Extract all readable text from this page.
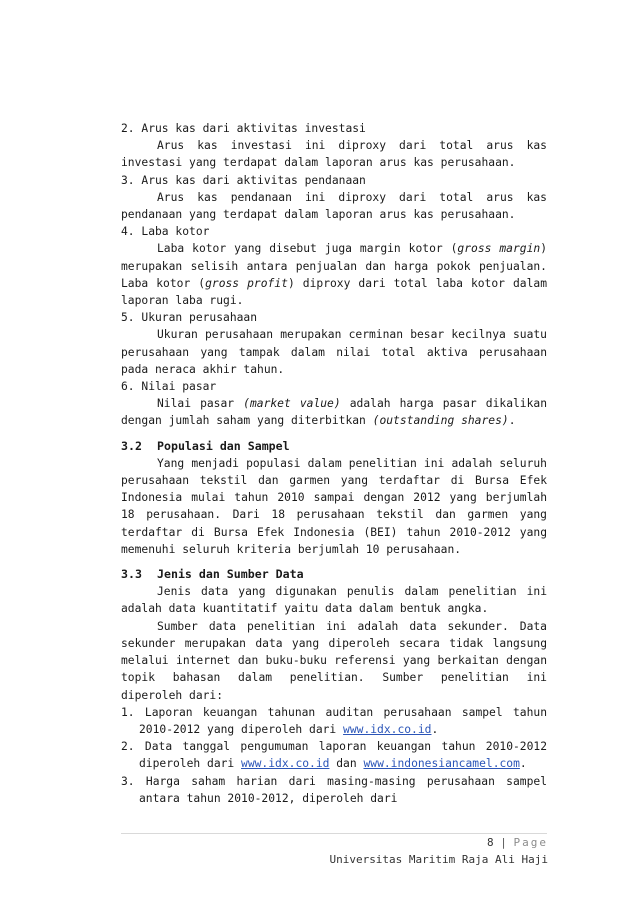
2. Arus kas dari aktivitas investasi

Arus kas investasi ini diproxy dari total arus kas investasi yang terdapat dalam laporan arus kas perusahaan.

3. Arus kas dari aktivitas pendanaan

Arus kas pendanaan ini diproxy dari total arus kas pendanaan yang terdapat dalam laporan arus kas perusahaan.

4. Laba kotor

Laba kotor yang disebut juga margin kotor (gross margin) merupakan selisih antara penjualan dan harga pokok penjualan. Laba kotor (gross profit) diproxy dari total laba kotor dalam laporan laba rugi.

5. Ukuran perusahaan

Ukuran perusahaan merupakan cerminan besar kecilnya suatu perusahaan yang tampak dalam nilai total aktiva perusahaan pada neraca akhir tahun.

6. Nilai pasar

Nilai pasar (market value) adalah harga pasar dikalikan dengan jumlah saham yang diterbitkan (outstanding shares).

3.2 Populasi dan Sampel

Yang menjadi populasi dalam penelitian ini adalah seluruh perusahaan tekstil dan garmen yang terdaftar di Bursa Efek Indonesia mulai tahun 2010 sampai dengan 2012 yang berjumlah 18 perusahaan. Dari 18 perusahaan tekstil dan garmen yang terdaftar di Bursa Efek Indonesia (BEI) tahun 2010-2012 yang memenuhi seluruh kriteria berjumlah 10 perusahaan.

3.3 Jenis dan Sumber Data

Jenis data yang digunakan penulis dalam penelitian ini adalah data kuantitatif yaitu data dalam bentuk angka.

Sumber data penelitian ini adalah data sekunder. Data sekunder merupakan data yang diperoleh secara tidak langsung melalui internet dan buku-buku referensi yang berkaitan dengan topik bahasan dalam penelitian. Sumber penelitian ini diperoleh dari:

1. Laporan keuangan tahunan auditan perusahaan sampel tahun 2010-2012 yang diperoleh dari www.idx.co.id.

2. Data tanggal pengumuman laporan keuangan tahun 2010-2012 diperoleh dari www.idx.co.id dan www.indonesiancamel.com.

3. Harga saham harian dari masing-masing perusahaan sampel antara tahun 2010-2012, diperoleh dari

8 | Page
Universitas Maritim Raja Ali Haji
